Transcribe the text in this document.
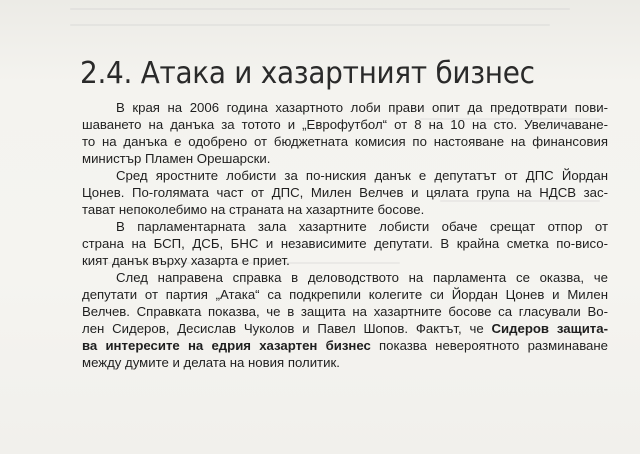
2.4. Атака и хазартният бизнес
В края на 2006 година хазартното лоби прави опит да предотврати пови-
шаването на данъка за тотото и „Еврофутбол“ от 8 на 10 на сто. Увеличаване-
то на данъка е одобрено от бюджетната комисия по настояване на финансовия
министър Пламен Орешарски.
Сред яростните лобисти за по-ниския данък е депутатът от ДПС Йордан
Цонев. По-голямата част от ДПС, Милен Велчев и цялата група на НДСВ зас-
тават непоколебимо на страната на хазартните босове.
В парламентарната зала хазартните лобисти обаче срещат отпор от
страна на БСП, ДСБ, БНС и независимите депутати. В крайна сметка по-висо-
кият данък върху хазарта е приет.
След направена справка в деловодството на парламента се оказва, че
депутати от партия „Атака“ са подкрепили колегите си Йордан Цонев и Милен
Велчев. Справката показва, че в защита на хазартните босове са гласували Во-
лен Сидеров, Десислав Чуколов и Павел Шопов. Фактът, че Сидеров защита-
ва интересите на едрия хазартен бизнес показва невероятното разминаване
между думите и делата на новия политик.
